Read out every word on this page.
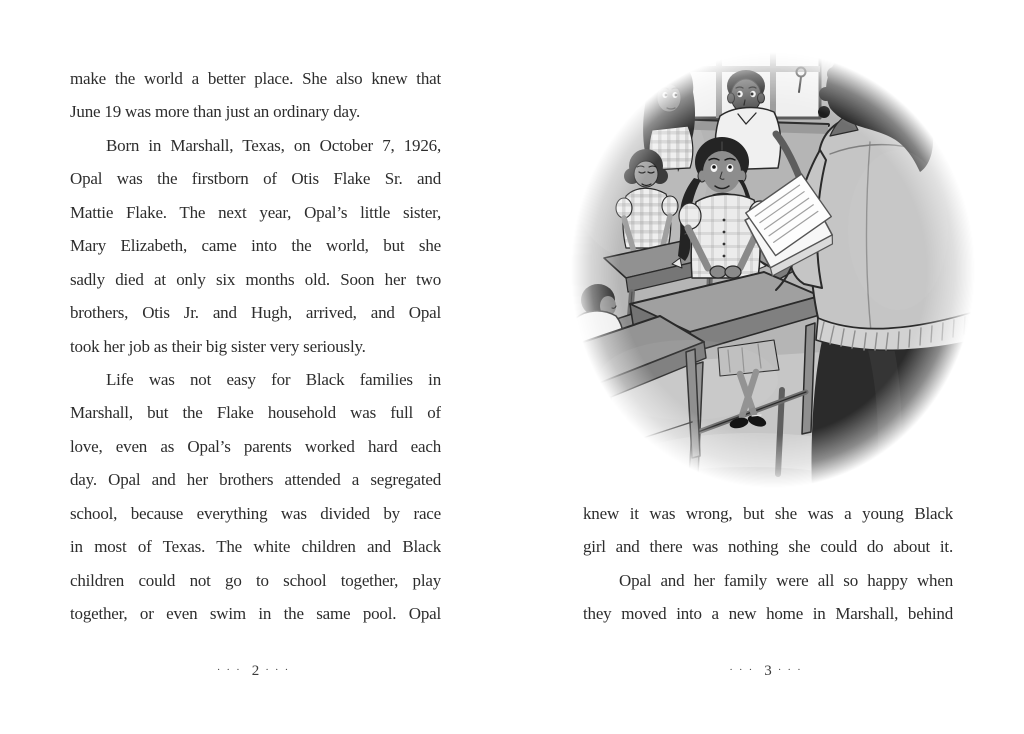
make the world a better place. She also knew that
June 19 was more than just an ordinary day.
Born in Marshall, Texas, on October 7, 1926,
Opal was the firstborn of Otis Flake Sr. and
Mattie Flake. The next year, Opal’s little sister,
Mary Elizabeth, came into the world, but she
sadly died at only six months old. Soon her two
brothers, Otis Jr. and Hugh, arrived, and Opal
took her job as their big sister very seriously.
Life was not easy for Black families in
Marshall, but the Flake household was full of
love, even as Opal’s parents worked hard each
day. Opal and her brothers attended a segregated
school, because everything was divided by race
in most of Texas. The white children and Black
children could not go to school together, play
together, or even swim in the same pool. Opal
··· 2 ···
knew it was wrong, but she was a young Black
girl and there was nothing she could do about it.
Opal and her family were all so happy when
they moved into a new home in Marshall, behind
··· 3 ···
